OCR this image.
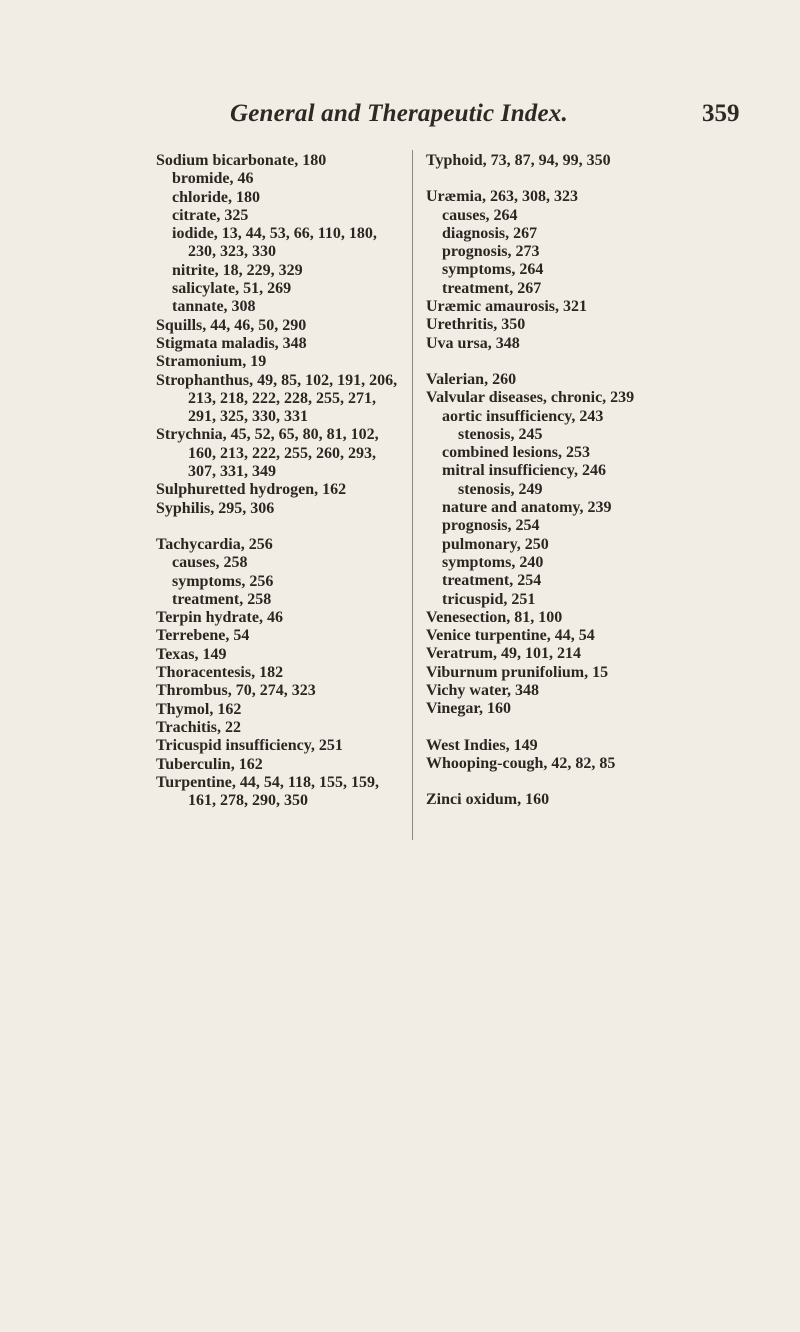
General and Therapeutic Index.	359
Sodium bicarbonate, 180
bromide, 46
chloride, 180
citrate, 325
iodide, 13, 44, 53, 66, 110, 180,
230, 323, 330
nitrite, 18, 229, 329
salicylate, 51, 269
tannate, 308
Squills, 44, 46, 50, 290
Stigmata maladis, 348
Stramonium, 19
Strophanthus, 49, 85, 102, 191, 206,
213, 218, 222, 228, 255, 271,
291, 325, 330, 331
Strychnia, 45, 52, 65, 80, 81, 102,
160, 213, 222, 255, 260, 293,
307, 331, 349
Sulphuretted hydrogen, 162
Syphilis, 295, 306
Tachycardia, 256
causes, 258
symptoms, 256
treatment, 258
Terpin hydrate, 46
Terrebene, 54
Texas, 149
Thoracentesis, 182
Thrombus, 70, 274, 323
Thymol, 162
Trachitis, 22
Tricuspid insufficiency, 251
Tuberculin, 162
Turpentine, 44, 54, 118, 155, 159,
161, 278, 290, 350
Typhoid, 73, 87, 94, 99, 350
Uræmia, 263, 308, 323
causes, 264
diagnosis, 267
prognosis, 273
symptoms, 264
treatment, 267
Uræmic amaurosis, 321
Urethritis, 350
Uva ursa, 348
Valerian, 260
Valvular diseases, chronic, 239
aortic insufficiency, 243
stenosis, 245
combined lesions, 253
mitral insufficiency, 246
stenosis, 249
nature and anatomy, 239
prognosis, 254
pulmonary, 250
symptoms, 240
treatment, 254
tricuspid, 251
Venesection, 81, 100
Venice turpentine, 44, 54
Veratrum, 49, 101, 214
Viburnum prunifolium, 15
Vichy water, 348
Vinegar, 160
West Indies, 149
Whooping-cough, 42, 82, 85
Zinci oxidum, 160
